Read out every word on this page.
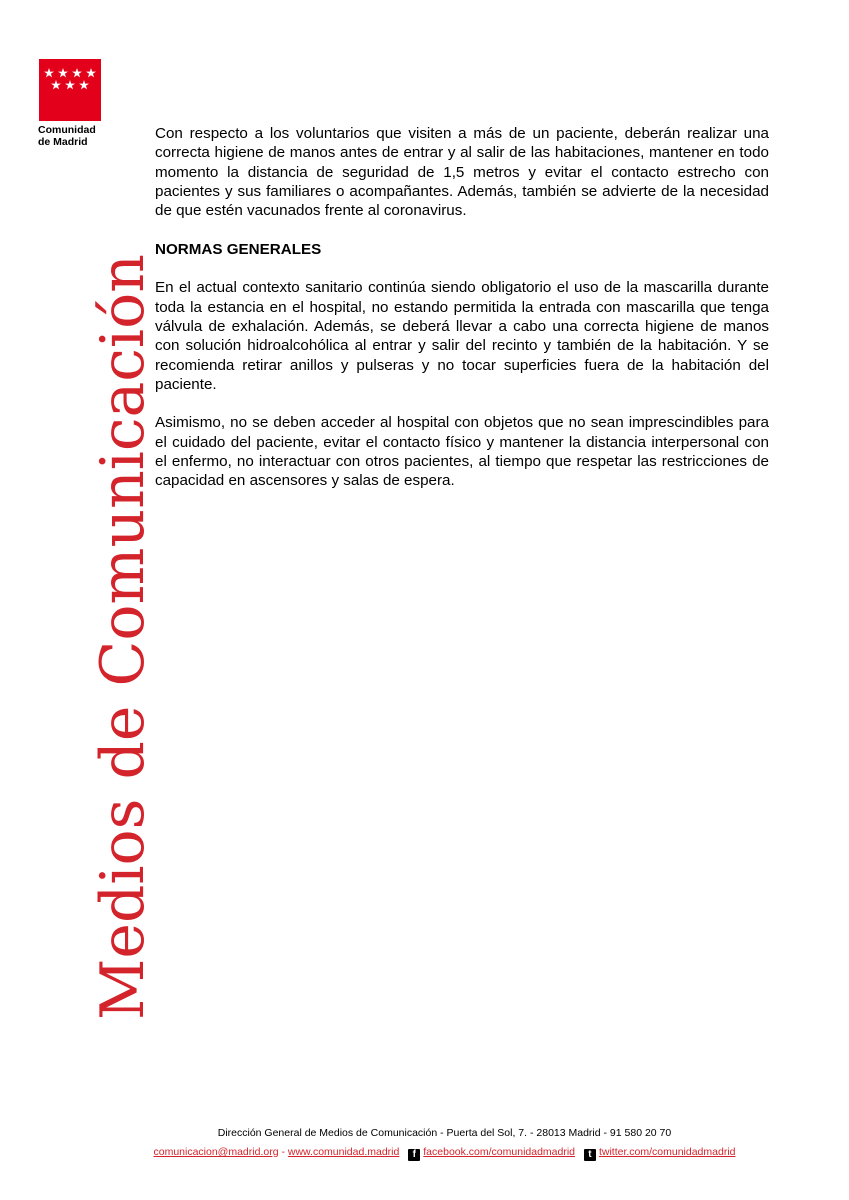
Comunidad
de Madrid
Medios de Comunicación

Con respecto a los voluntarios que visiten a más de un paciente, deberán realizar una correcta higiene de manos antes de entrar y al salir de las habitaciones, mantener en todo momento la distancia de seguridad de 1,5 metros y evitar el contacto estrecho con pacientes y sus familiares o acompañantes. Además, también se advierte de la necesidad de que estén vacunados frente al coronavirus.

NORMAS GENERALES

En el actual contexto sanitario continúa siendo obligatorio el uso de la mascarilla durante toda la estancia en el hospital, no estando permitida la entrada con mascarilla que tenga válvula de exhalación. Además, se deberá llevar a cabo una correcta higiene de manos con solución hidroalcohólica al entrar y salir del recinto y también de la habitación. Y se recomienda retirar anillos y pulseras y no tocar superficies fuera de la habitación del paciente.

Asimismo, no se deben acceder al hospital con objetos que no sean imprescindibles para el cuidado del paciente, evitar el contacto físico y mantener la distancia interpersonal con el enfermo, no interactuar con otros pacientes, al tiempo que respetar las restricciones de capacidad en ascensores y salas de espera.

Dirección General de Medios de Comunicación - Puerta del Sol, 7. - 28013 Madrid - 91 580 20 70
comunicacion@madrid.org - www.comunidad.madrid f facebook.com/comunidadmadrid t twitter.com/comunidadmadrid
